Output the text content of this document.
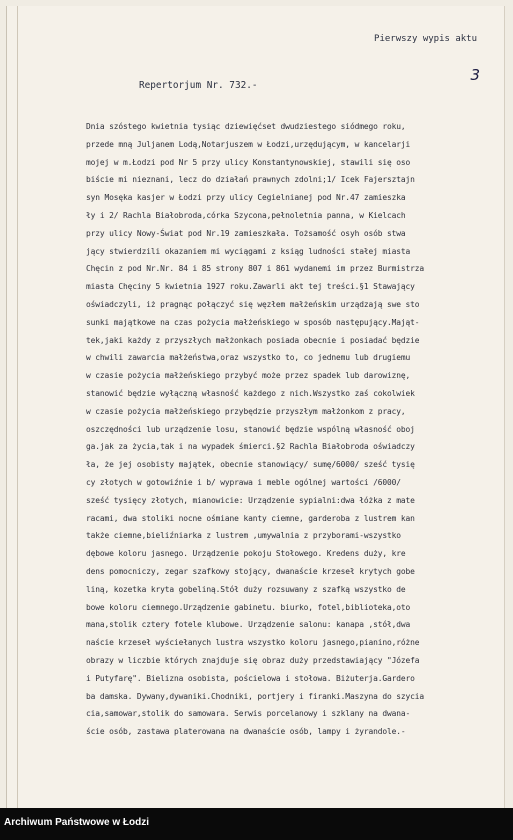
Pierwszy wypis aktu
3
Repertorjum Nr. 732.-
Dnia szóstego kwietnia tysiąc dziewięćset dwudziestego siódmego roku,
przede mną Juljanem Lodą,Notarjuszem w Łodzi,urzędującym, w kancelarji
mojej w m.Łodzi pod Nr 5 przy ulicy Konstantynowskiej, stawili się oso
biście mi nieznani, lecz do działań prawnych zdolni;1/ Icek Fajersztajn
syn Mosęka kasjer w Łodzi przy ulicy Cegielnianej pod Nr.47 zamieszka
ły i 2/ Rachla Białobroda,córka Szycona,pełnoletnia panna, w Kielcach
przy ulicy Nowy-Świat pod Nr.19 zamieszkała. Tożsamość osyh osób stwa
jący stwierdzili okazaniem mi wyciągami z ksiąg ludności stałej miasta
Chęcin z pod Nr.Nr. 84 i 85 strony 807 i 861 wydanemi im przez Burmistrza
miasta Chęciny 5 kwietnia 1927 roku.Zawarli akt tej treści.§1 Stawający
oświadczyli, iż pragnąc połączyć się węzłem małżeńskim urządzają swe sto
sunki majątkowe na czas pożycia małżeńskiego w sposób następujący.Mająt-
tek,jaki każdy z przyszłych małżonkach posiada obecnie i posiadać będzie
w chwili zawarcia małżeństwa,oraz wszystko to, co jednemu lub drugiemu
w czasie pożycia małżeńskiego przybyć może przez spadek lub darowiznę,
stanowić będzie wyłączną własność każdego z nich.Wszystko zaś cokolwiek
w czasie pożycia małżeńskiego przybędzie przyszłym małżonkom z pracy,
oszczędności lub urządzenie losu, stanowić będzie wspólną własność oboj
ga.jak za życia,tak i na wypadek śmierci.§2 Rachla Białobroda oświadczy
ła, że jej osobisty majątek, obecnie stanowiący/ sumę/6000/ sześć tysię
cy złotych w gotowiźnie i b/ wyprawa i meble ogólnej wartości /6000/
sześć tysięcy złotych, mianowicie: Urządzenie sypialni:dwa łóżka z mate
racami, dwa stoliki nocne ośmiane kanty ciemne, garderoba z lustrem kan
także ciemne,bieliźniarka z lustrem ,umywalnia z przyborami-wszystko
dębowe koloru jasnego. Urządzenie pokoju Stołowego. Kredens duży, kre
dens pomocniczy, zegar szafkowy stojący, dwanaście krzeseł krytych gobe
liną, kozetka kryta gobeliną.Stół duży rozsuwany z szafką wszystko de
bowe koloru ciemnego.Urządzenie gabinetu. biurko, fotel,biblioteka,oto
mana,stolik cztery fotele klubowe. Urządzenie salonu: kanapa ,stół,dwa
naście krzeseł wyściełanych lustra wszystko koloru jasnego,pianino,różne
obrazy w liczbie których znajduje się obraz duży przedstawiający "Józefa
i Putyfarę". Bielizna osobista, pościelowa i stołowa. Biżuterja.Gardero
ba damska. Dywany,dywaniki.Chodniki, portjery i firanki.Maszyna do szycia
cia,samowar,stolik do samowara. Serwis porcelanowy i szklany na dwana-
ście osób, zastawa platerowana na dwanaście osób, lampy i żyrandole.-
Archiwum Państwowe w Łodzi
